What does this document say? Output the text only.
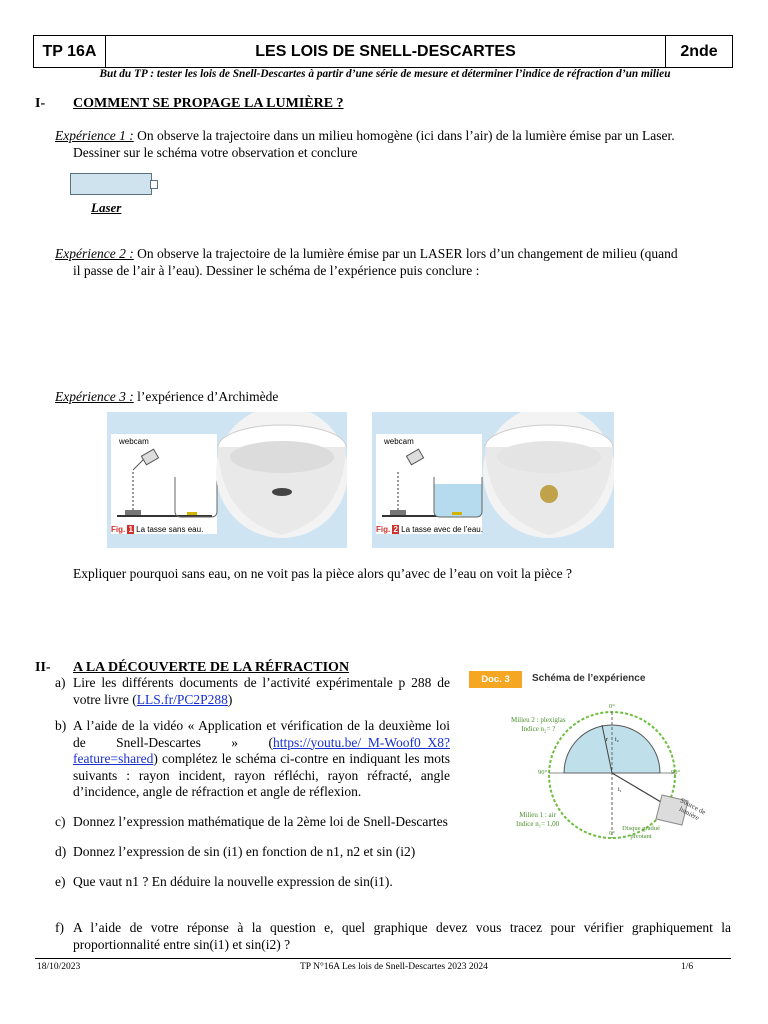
TP 16A	LES LOIS DE SNELL-DESCARTES	2nde
But du TP : tester les lois de Snell-Descartes à partir d’une série de mesure et déterminer l’indice de réfraction d’un milieu
I- COMMENT SE PROPAGE LA LUMIÈRE ?
Expérience 1 : On observe la trajectoire dans un milieu homogène (ici dans l’air) de la lumière émise par un Laser.
Dessiner sur le schéma votre observation et conclure
Laser
Expérience 2 : On observe la trajectoire de la lumière émise par un LASER lors d’un changement de milieu (quand
il passe de l’air à l’eau). Dessiner le schéma de l’expérience puis conclure :
Expérience 3 : l’expérience d’Archimède
webcam
Fig. 1 La tasse sans eau.
webcam
Fig. 2 La tasse avec de l’eau.
Expliquer pourquoi sans eau, on ne voit pas la pièce alors qu’avec de l’eau on voit la pièce ?
II- A LA DÉCOUVERTE DE LA RÉFRACTION
a) Lire les différents documents de l’activité expérimentale p 288 de votre livre (LLS.fr/PC2P288)
b) A l’aide de la vidéo « Application et vérification de la deuxième loi de Snell-Descartes » (https://youtu.be/_M-Woof0_X8?feature=shared) complétez le schéma ci-contre en indiquant les mots suivants : rayon incident, rayon réfléchi, rayon réfracté, angle d’incidence, angle de réfraction et angle de réflexion.
c) Donnez l’expression mathématique de la 2ème loi de Snell-Descartes
d) Donnez l’expression de sin (i1) en fonction de n1, n2 et sin (i2)
e) Que vaut n1 ? En déduire la nouvelle expression de sin(i1).
f) A l’aide de votre réponse à la question e, quel graphique devez vous tracez pour vérifier graphiquement la proportionnalité entre sin(i1) et sin(i2) ?
Doc. 3	Schéma de l’expérience
Milieu 2 : plexiglas
Indice n₂= ?
Milieu 1 : air
Indice n₁= 1,00
0°
90°	90°
0°
r i₂
i₁
Source de lumière
Disque gradué pivotant
18/10/2023	TP N°16A Les lois de Snell-Descartes 2023 2024	1/6
